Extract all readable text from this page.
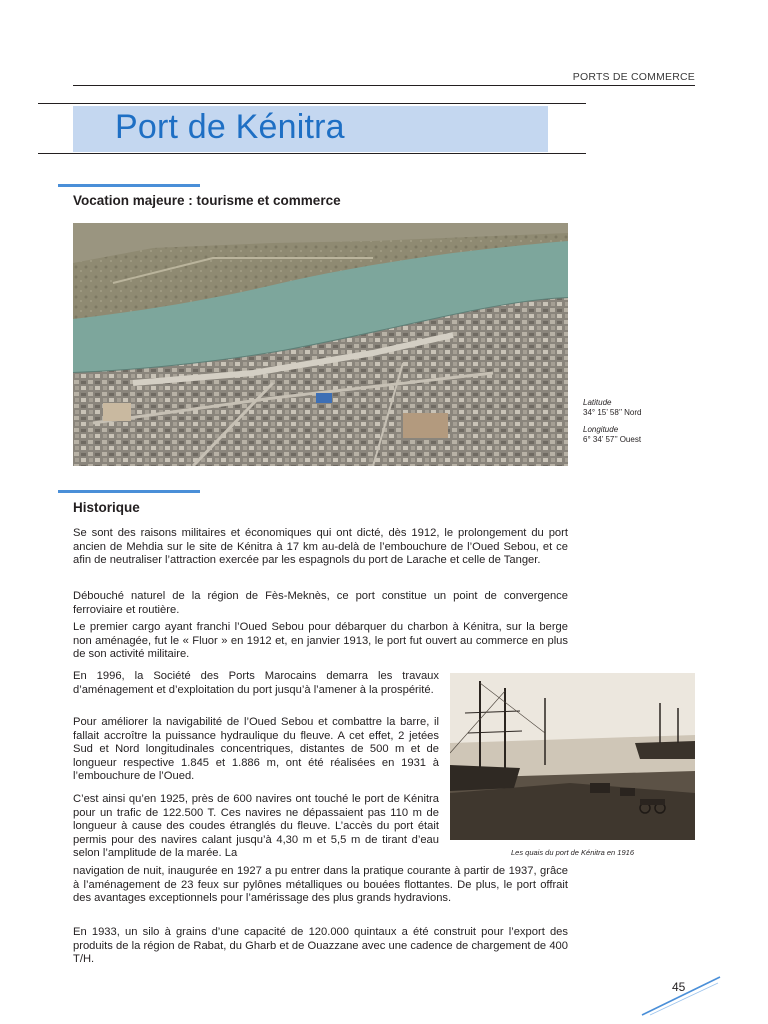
PORTS DE COMMERCE
Port de Kénitra
Vocation majeure : tourisme et commerce
Latitude
34° 15’ 58’’ Nord
Longitude
6° 34’ 57’’ Ouest
Historique

Se sont des raisons militaires et économiques qui ont dicté, dès 1912, le prolongement du port ancien de Mehdia sur le site de Kénitra à 17 km au-delà de l’embouchure de l’Oued Sebou, et ce afin de neutraliser l’attraction exercée par les espagnols du port de Larache et celle de Tanger.

Débouché naturel de la région de Fès-Meknès, ce port constitue un point de convergence ferroviaire et routière.

Le premier cargo ayant franchi l’Oued Sebou pour débarquer du charbon à Kénitra, sur la berge non aménagée, fut le « Fluor » en 1912 et, en janvier 1913, le port fut ouvert au commerce en plus de son activité militaire.

En 1996, la Société des Ports Marocains demarra les travaux d’aménagement et d’exploitation du port jusqu’à l’amener à la prospérité.

Pour améliorer la navigabilité de l’Oued Sebou et combattre la barre, il fallait accroître la puissance hydraulique du fleuve. A cet effet, 2 jetées Sud et Nord longitudinales concentriques, distantes de 500 m et de longueur respective 1.845 et 1.886 m, ont été réalisées en 1931 à l’embouchure de l’Oued.

C’est ainsi qu’en 1925, près de 600 navires ont touché le port de Kénitra pour un trafic de 122.500 T. Ces navires ne dépassaient pas 110 m de longueur à cause des coudes étranglés du fleuve. L’accès du port était permis pour des navires calant jusqu’à 4,30 m et 5,5 m de tirant d’eau selon l’amplitude de la marée. La

navigation de nuit, inaugurée en 1927 a pu entrer dans la pratique courante à partir de 1937, grâce à l’aménagement de 23 feux sur pylônes métalliques ou bouées flottantes. De plus, le port offrait des avantages exceptionnels pour l’amérissage des plus grands hydravions.

En 1933, un silo à grains d’une capacité de 120.000 quintaux a été construit pour l’export des produits de la région de Rabat, du Gharb et de Ouazzane avec une cadence de chargement de 400 T/H.

Les quais du port de Kénitra en 1916
45
